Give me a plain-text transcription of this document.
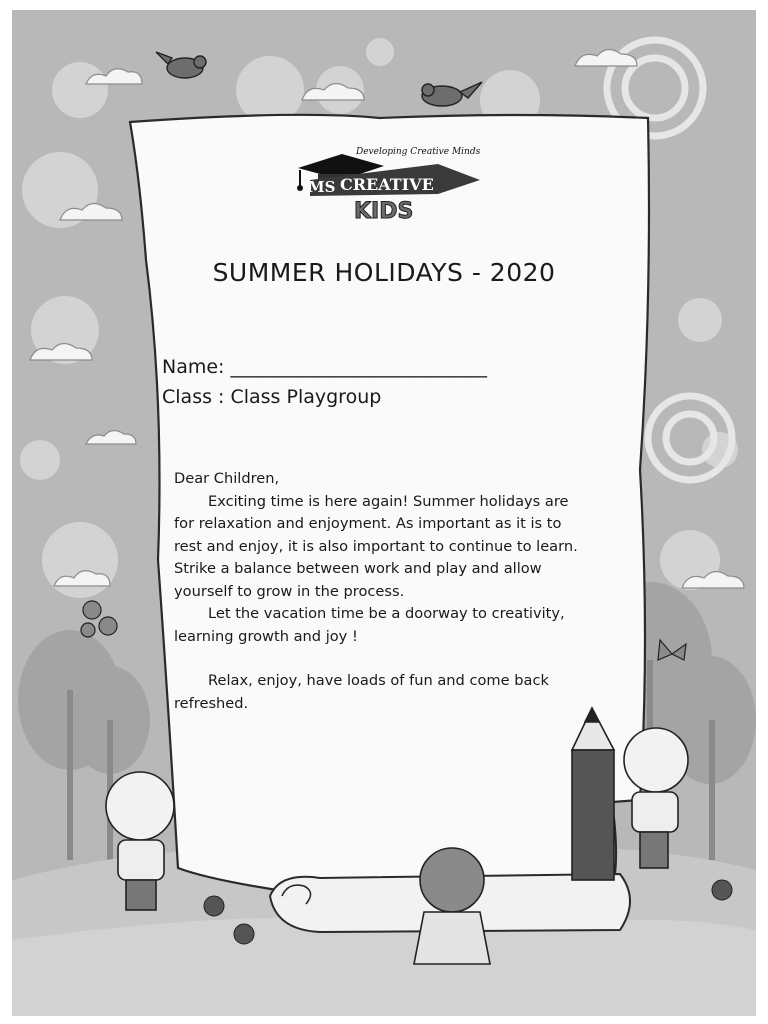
MS CREATIVE
Developing Creative Minds
KIDS
SUMMER HOLIDAYS - 2020
Name: ___________________________
Class : Class Playgroup

Dear Children,

Exciting time is here again! Summer holidays are for relaxation and enjoyment. As important as it is to rest and enjoy, it is also important to continue to learn. Strike a balance between work and play and allow yourself to grow in the process.

Let the vacation time be a doorway to creativity, learning growth and joy !

Relax, enjoy, have loads of fun and come back refreshed.
